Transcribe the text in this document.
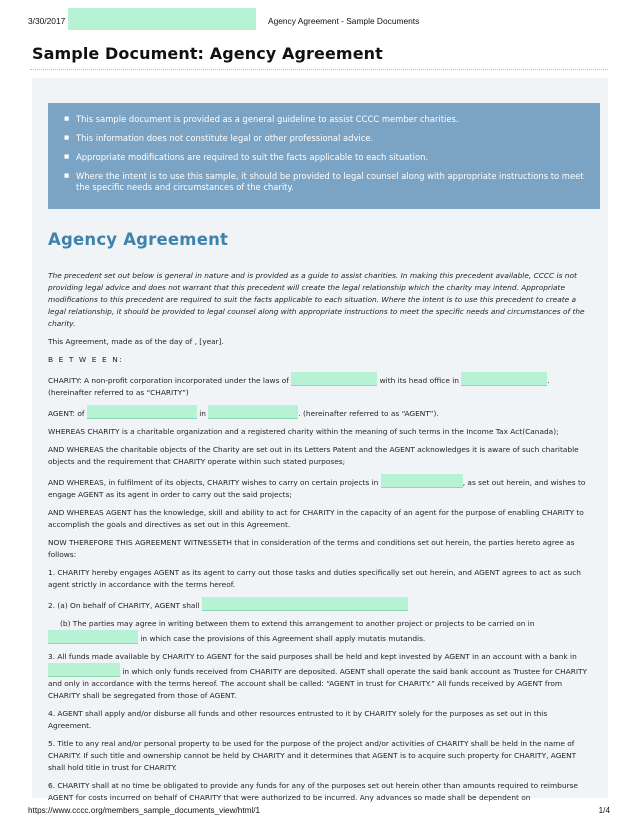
3/30/2017	Agency Agreement - Sample Documents
Sample Document: Agency Agreement
■ This sample document is provided as a general guideline to assist CCCC member charities.
■ This information does not constitute legal or other professional advice.
■ Appropriate modifications are required to suit the facts applicable to each situation.
■ Where the intent is to use this sample, it should be provided to legal counsel along with appropriate instructions to meet the specific needs and circumstances of the charity.
Agency Agreement

The precedent set out below is general in nature and is provided as a guide to assist charities. In making this precedent available, CCCC is not providing legal advice and does not warrant that this precedent will create the legal relationship which the charity may intend. Appropriate modifications to this precedent are required to suit the facts applicable to each situation. Where the intent is to use this precedent to create a legal relationship, it should be provided to legal counsel along with appropriate instructions to meet the specific needs and circumstances of the charity.

This Agreement, made as of the day of , [year].

B E T W E E N:

CHARITY: A non-profit corporation incorporated under the laws of	with its head office in	.
(hereinafter referred to as “CHARITY”)

AGENT: of	in	. (hereinafter referred to as “AGENT”).

WHEREAS CHARITY is a charitable organization and a registered charity within the meaning of such terms in the Income Tax Act(Canada);

AND WHEREAS the charitable objects of the Charity are set out in its Letters Patent and the AGENT acknowledges it is aware of such charitable objects and the requirement that CHARITY operate within such stated purposes;

AND WHEREAS, in fulfilment of its objects, CHARITY wishes to carry on certain projects in	, as set out herein, and wishes to engage AGENT as its agent in order to carry out the said projects;

AND WHEREAS AGENT has the knowledge, skill and ability to act for CHARITY in the capacity of an agent for the purpose of enabling CHARITY to accomplish the goals and directives as set out in this Agreement.

NOW THEREFORE THIS AGREEMENT WITNESSETH that in consideration of the terms and conditions set out herein, the parties hereto agree as follows:

1. CHARITY hereby engages AGENT as its agent to carry out those tasks and duties specifically set out herein, and AGENT agrees to act as such agent strictly in accordance with the terms hereof.

2. (a) On behalf of CHARITY, AGENT shall

(b) The parties may agree in writing between them to extend this arrangement to another project or projects to be carried on in
in which case the provisions of this Agreement shall apply mutatis mutandis.

3. All funds made available by CHARITY to AGENT for the said purposes shall be held and kept invested by AGENT in an account with a bank in  in which only funds received from CHARITY are deposited. AGENT shall operate the said bank account as Trustee for CHARITY and only in accordance with the terms hereof. The account shall be called: “AGENT in trust for CHARITY.” All funds received by AGENT from CHARITY shall be segregated from those of AGENT.

4. AGENT shall apply and/or disburse all funds and other resources entrusted to it by CHARITY solely for the purposes as set out in this Agreement.

5. Title to any real and/or personal property to be used for the purpose of the project and/or activities of CHARITY shall be held in the name of CHARITY. If such title and ownership cannot be held by CHARITY and it determines that AGENT is to acquire such property for CHARITY, AGENT shall hold title in trust for CHARITY.

6. CHARITY shall at no time be obligated to provide any funds for any of the purposes set out herein other than amounts required to reimburse AGENT for costs incurred on behalf of CHARITY that were authorized to be incurred. Any advances so made shall be dependent on

https://www.cccc.org/members_sample_documents_view/html/1	1/4
